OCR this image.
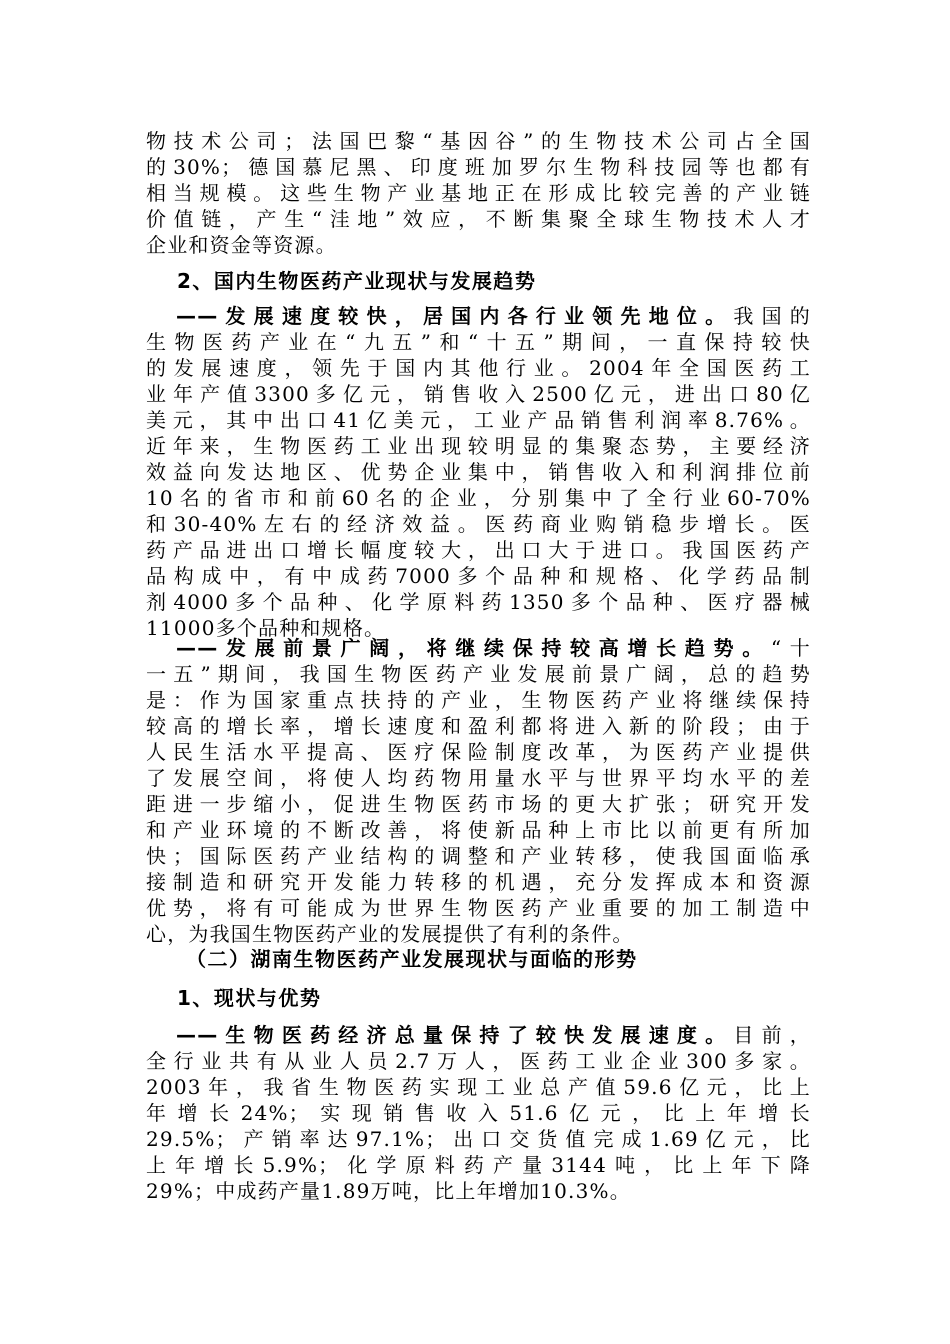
物技术公司；法国巴黎“基因谷”的生物技术公司占全国
的30%；德国慕尼黑、印度班加罗尔生物科技园等也都有
相当规模。这些生物产业基地正在形成比较完善的产业链
价值链，产生“洼地”效应，不断集聚全球生物技术人才
企业和资金等资源。
2、国内生物医药产业现状与发展趋势
——发展速度较快，居国内各行业领先地位。我国的
生物医药产业在“九五”和“十五”期间，一直保持较快
的发展速度，领先于国内其他行业。2004年全国医药工
业年产值3300多亿元，销售收入2500亿元，进出口80亿
美元，其中出口41亿美元，工业产品销售利润率8.76%。
近年来，生物医药工业出现较明显的集聚态势，主要经济
效益向发达地区、优势企业集中，销售收入和利润排位前
10名的省市和前60名的企业，分别集中了全行业60-70%
和30-40%左右的经济效益。医药商业购销稳步增长。医
药产品进出口增长幅度较大，出口大于进口。我国医药产
品构成中，有中成药7000多个品种和规格、化学药品制
剂4000多个品种、化学原料药1350多个品种、医疗器械
11000多个品种和规格。
——发展前景广阔，将继续保持较高增长趋势。“十
一五”期间，我国生物医药产业发展前景广阔，总的趋势
是：作为国家重点扶持的产业，生物医药产业将继续保持
较高的增长率，增长速度和盈利都将进入新的阶段；由于
人民生活水平提高、医疗保险制度改革，为医药产业提供
了发展空间，将使人均药物用量水平与世界平均水平的差
距进一步缩小，促进生物医药市场的更大扩张；研究开发
和产业环境的不断改善，将使新品种上市比以前更有所加
快；国际医药产业结构的调整和产业转移，使我国面临承
接制造和研究开发能力转移的机遇，充分发挥成本和资源
优势，将有可能成为世界生物医药产业重要的加工制造中
心，为我国生物医药产业的发展提供了有利的条件。
（二）湖南生物医药产业发展现状与面临的形势
1、现状与优势
——生物医药经济总量保持了较快发展速度。目前，
全行业共有从业人员2.7万人，医药工业企业300多家。
2003年，我省生物医药实现工业总产值59.6亿元，比上
年增长24%；实现销售收入51.6亿元，比上年增长
29.5%；产销率达97.1%；出口交货值完成1.69亿元，比
上年增长5.9%；化学原料药产量3144吨，比上年下降
29%；中成药产量1.89万吨，比上年增加10.3%。
